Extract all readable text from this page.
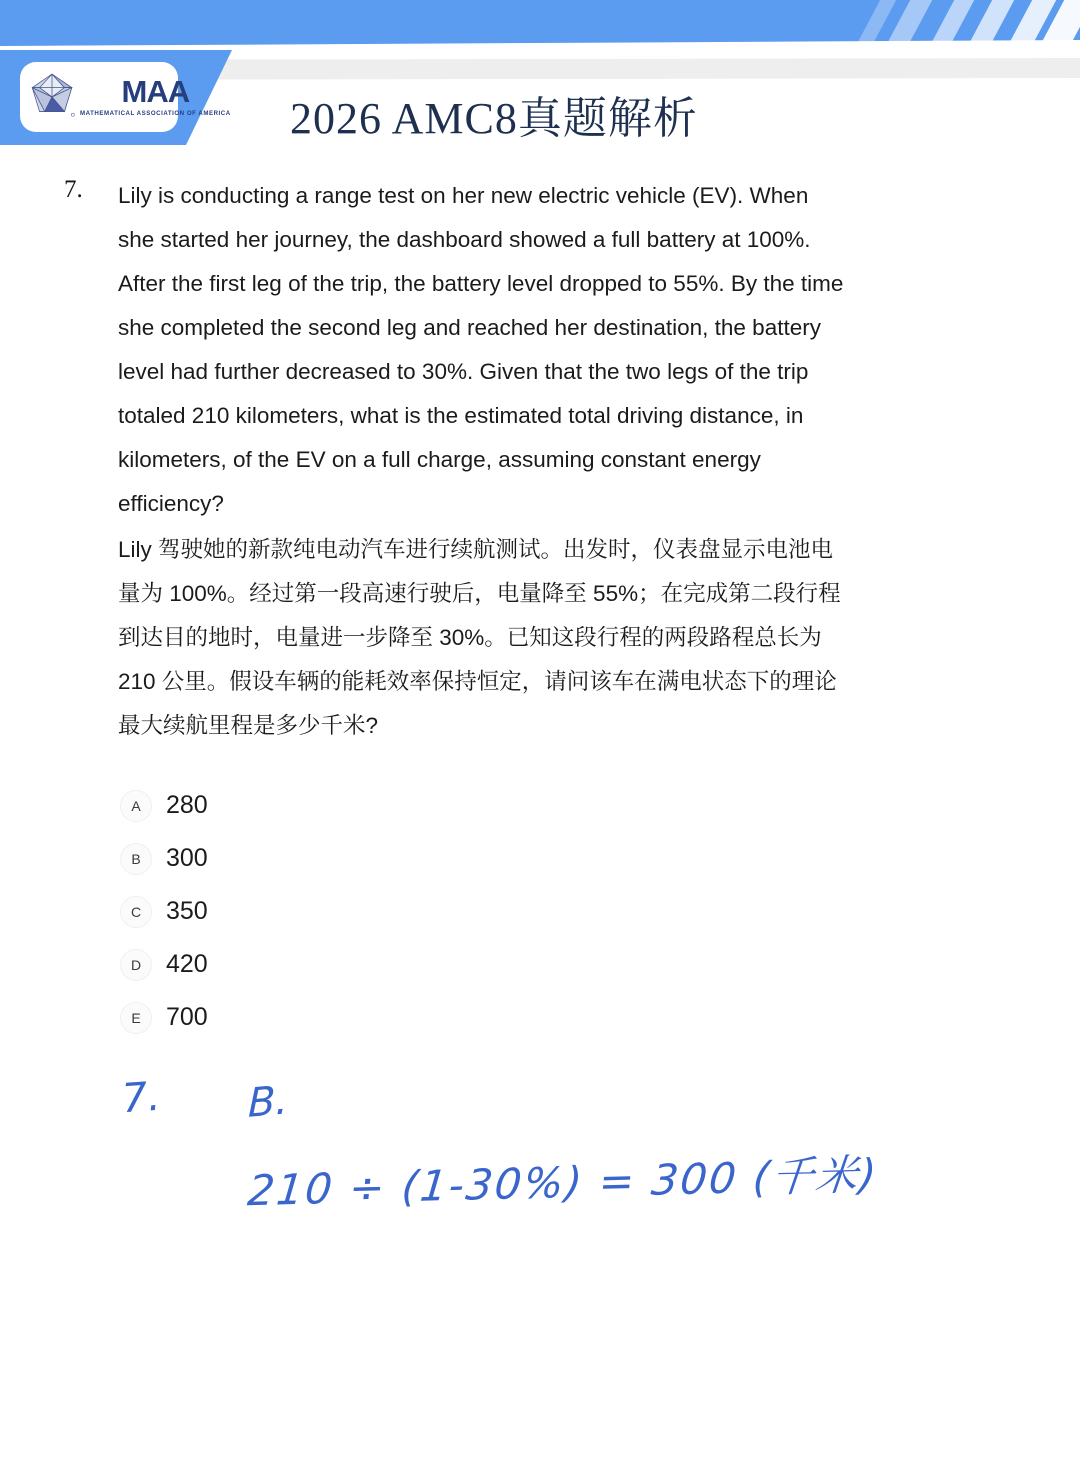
MAA
MATHEMATICAL ASSOCIATION OF AMERICA 2026 AMC8真题解析
7.	Lily is conducting a range test on her new electric vehicle (EV). When she started her journey, the dashboard showed a full battery at 100%. After the first leg of the trip, the battery level dropped to 55%. By the time she completed the second leg and reached her destination, the battery level had further decreased to 30%. Given that the two legs of the trip totaled 210 kilometers, what is the estimated total driving distance, in kilometers, of the EV on a full charge, assuming constant energy efficiency?
Lily 驾驶她的新款纯电动汽车进行续航测试。出发时，仪表盘显示电池电量为 100%。经过第一段高速行驶后，电量降至 55%；在完成第二段行程到达目的地时，电量进一步降至 30%。已知这段行程的两段路程总长为 210 公里。假设车辆的能耗效率保持恒定，请问该车在满电状态下的理论最大续航里程是多少千米?
A	280
B	300
C 350
D 420
E	700
7. B.
210 ÷ (1-30%) = 300 (千米)
